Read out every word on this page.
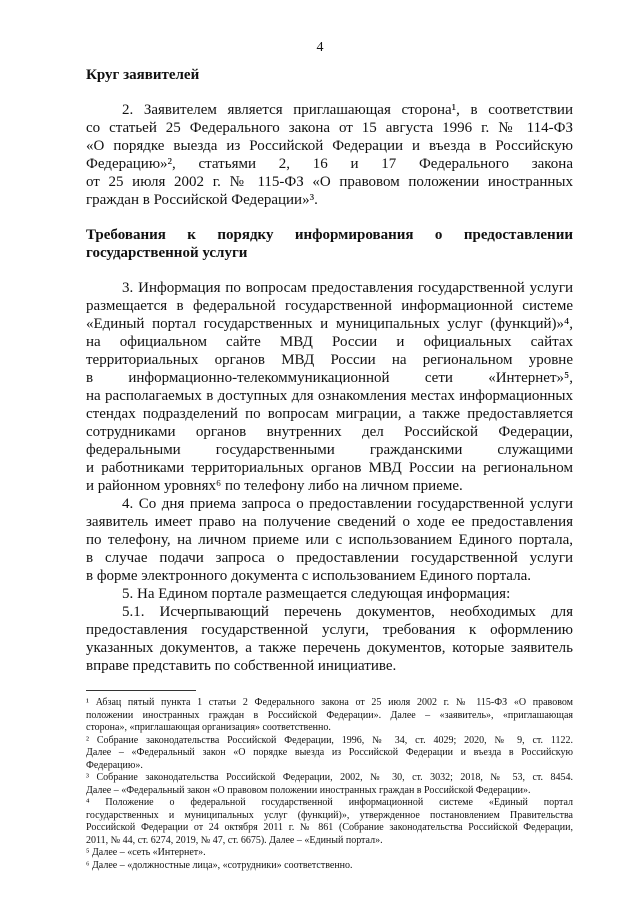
4
Круг заявителей
2. Заявителем является приглашающая сторона¹, в соответствии
со статьей 25 Федерального закона от 15 августа 1996 г. № 114-ФЗ
«О порядке выезда из Российской Федерации и въезда в Российскую
Федерацию»², статьями 2, 16 и 17 Федерального закона
от 25 июля 2002 г. № 115-ФЗ «О правовом положении иностранных
граждан в Российской Федерации»³.
Требования к порядку информирования о предоставлении
государственной услуги
3. Информация по вопросам предоставления государственной услуги
размещается в федеральной государственной информационной системе
«Единый портал государственных и муниципальных услуг (функций)»⁴,
на официальном сайте МВД России и официальных сайтах
территориальных органов МВД России на региональном уровне
в информационно-телекоммуникационной сети «Интернет»⁵,
на располагаемых в доступных для ознакомления местах информационных
стендах подразделений по вопросам миграции, а также предоставляется
сотрудниками органов внутренних дел Российской Федерации,
федеральными государственными гражданскими служащими
и работниками территориальных органов МВД России на региональном
и районном уровнях⁶ по телефону либо на личном приеме.
4. Со дня приема запроса о предоставлении государственной услуги
заявитель имеет право на получение сведений о ходе ее предоставления
по телефону, на личном приеме или с использованием Единого портала,
в случае подачи запроса о предоставлении государственной услуги
в форме электронного документа с использованием Единого портала.
5. На Едином портале размещается следующая информация:
5.1. Исчерпывающий перечень документов, необходимых для
предоставления государственной услуги, требования к оформлению
указанных документов, а также перечень документов, которые заявитель
вправе представить по собственной инициативе.
¹ Абзац пятый пункта 1 статьи 2 Федерального закона от 25 июля 2002 г. № 115-ФЗ «О правовом
положении иностранных граждан в Российской Федерации». Далее – «заявитель», «приглашающая
сторона», «приглашающая организация» соответственно.
² Собрание законодательства Российской Федерации, 1996, № 34, ст. 4029; 2020, № 9, ст. 1122.
Далее – «Федеральный закон «О порядке выезда из Российской Федерации и въезда в Российскую
Федерацию».
³ Собрание законодательства Российской Федерации, 2002, № 30, ст. 3032; 2018, № 53, ст. 8454.
Далее – «Федеральный закон «О правовом положении иностранных граждан в Российской Федерации».
⁴ Положение о федеральной государственной информационной системе «Единый портал
государственных и муниципальных услуг (функций)», утвержденное постановлением Правительства
Российской Федерации от 24 октября 2011 г. № 861 (Собрание законодательства Российской Федерации,
2011, № 44, ст. 6274, 2019, № 47, ст. 6675). Далее – «Единый портал».
⁵ Далее – «сеть «Интернет».
⁶ Далее – «должностные лица», «сотрудники» соответственно.
